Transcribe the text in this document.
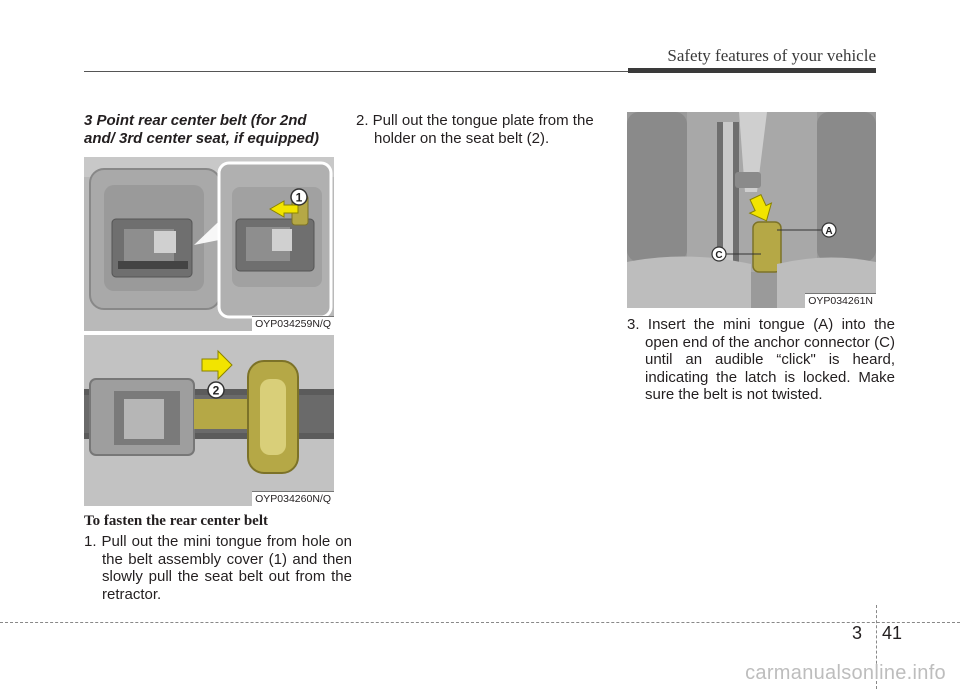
Safety features of your vehicle
3 Point rear center belt (for 2nd and/ 3rd center seat, if equipped)
1
OYP034259N/Q
2
OYP034260N/Q
To fasten the rear center belt
1. Pull out the mini tongue from hole on the belt assembly cover (1) and then slowly pull the seat belt out from the retractor.
2. Pull out the tongue plate from the holder on the seat belt (2).
A
C
OYP034261N
3. Insert the mini tongue (A) into the open end of the anchor connector (C) until an audible “click" is heard, indicating the latch is locked. Make sure the belt is not twisted.
3 41
carmanualsonline.info
